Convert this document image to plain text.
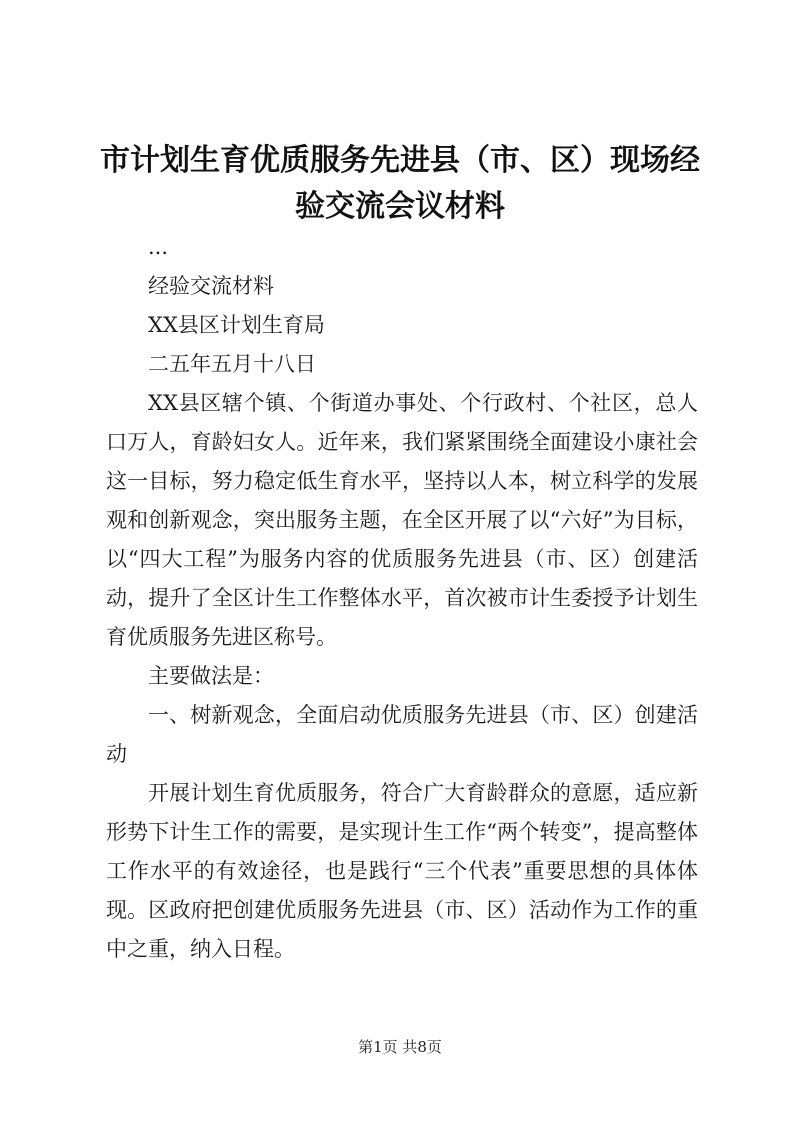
市计划生育优质服务先进县（市、区）现场经
验交流会议材料

...

经验交流材料

XX县区计划生育局

二五年五月十八日

XX县区辖个镇、个街道办事处、个行政村、个社区，总人口万人，育龄妇女人。近年来，我们紧紧围绕全面建设小康社会这一目标，努力稳定低生育水平，坚持以人本，树立科学的发展观和创新观念，突出服务主题，在全区开展了以“六好”为目标，以“四大工程”为服务内容的优质服务先进县（市、区）创建活动，提升了全区计生工作整体水平，首次被市计生委授予计划生育优质服务先进区称号。

主要做法是：

一、树新观念，全面启动优质服务先进县（市、区）创建活动

开展计划生育优质服务，符合广大育龄群众的意愿，适应新形势下计生工作的需要，是实现计生工作“两个转变”，提高整体工作水平的有效途径，也是践行“三个代表”重要思想的具体体现。区政府把创建优质服务先进县（市、区）活动作为工作的重中之重，纳入日程。

第1页 共8页
